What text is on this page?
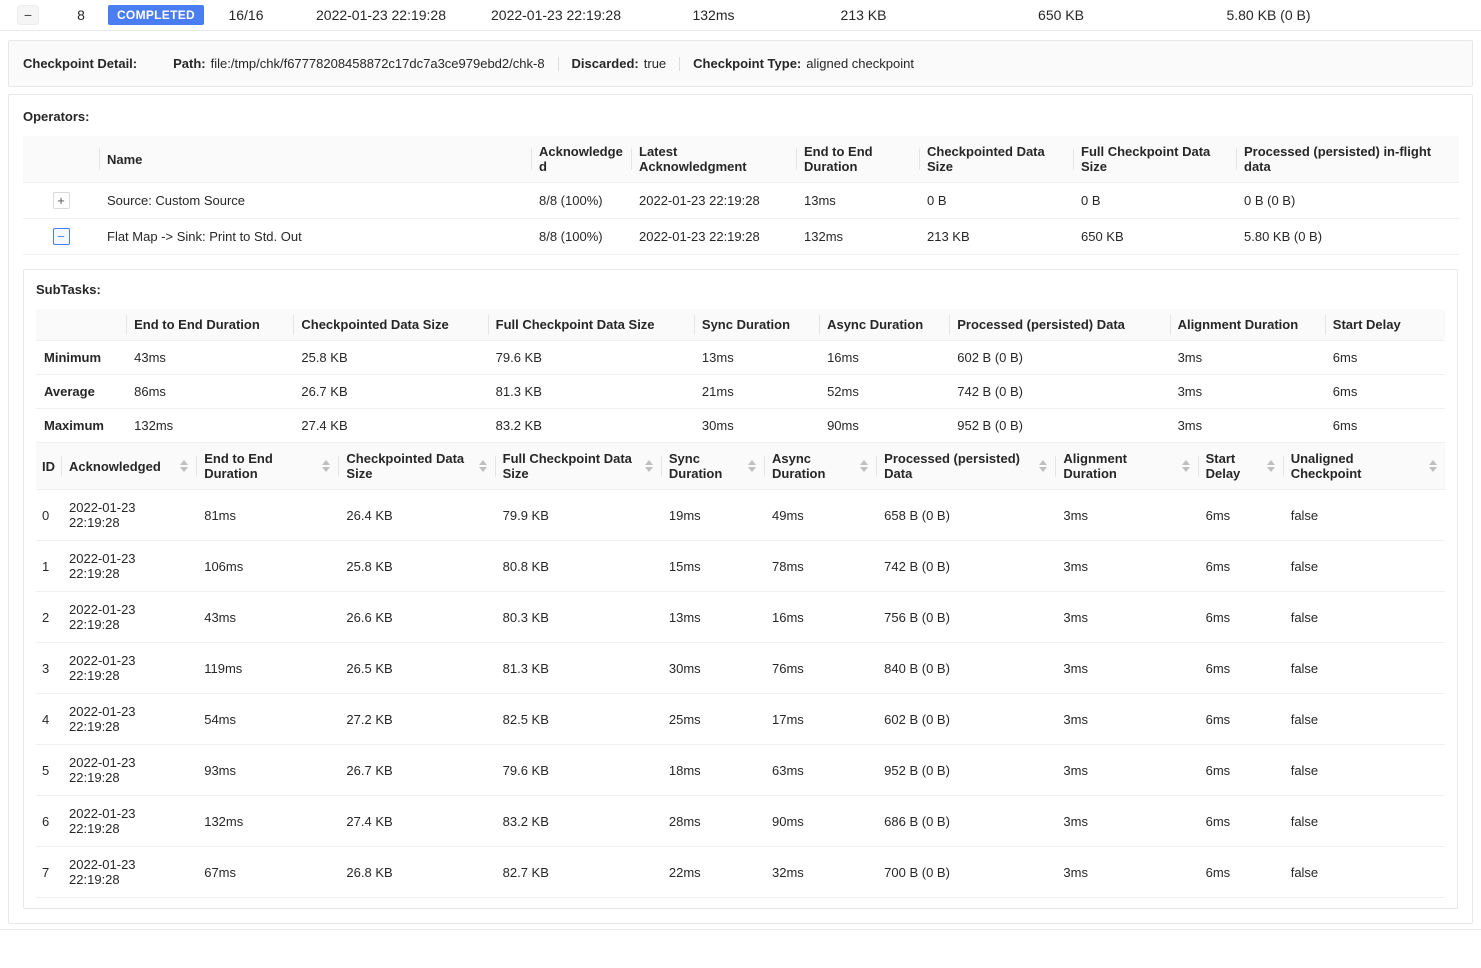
−	8	COMPLETED	16/16	2022-01-23 22:19:28	2022-01-23 22:19:28	132ms	213 KB	650 KB	5.80 KB (0 B)
Checkpoint Detail:	Path: file:/tmp/chk/f67778208458872c17dc7a3ce979ebd2/chk-8 Discarded: true Checkpoint Type: aligned checkpoint
Operators:
	Name	Acknowledged	Latest Acknowledgment	End to End Duration	Checkpointed Data Size	Full Checkpoint Data Size	Processed (persisted) in-flight data
+	Source: Custom Source	8/8 (100%)	2022-01-23 22:19:28	13ms	0 B	0 B	0 B (0 B)
−	Flat Map -> Sink: Print to Std. Out	8/8 (100%)	2022-01-23 22:19:28	132ms	213 KB	650 KB	5.80 KB (0 B)
SubTasks:
	End to End Duration	Checkpointed Data Size	Full Checkpoint Data Size	Sync Duration	Async Duration	Processed (persisted) Data	Alignment Duration	Start Delay
Minimum	43ms	25.8 KB	79.6 KB	13ms	16ms	602 B (0 B)	3ms	6ms
Average	86ms	26.7 KB	81.3 KB	21ms	52ms	742 B (0 B)	3ms	6ms
Maximum	132ms	27.4 KB	83.2 KB	30ms	90ms	952 B (0 B)	3ms	6ms
ID	Acknowledged	End to End Duration	Checkpointed Data Size	Full Checkpoint Data Size	Sync Duration	Async Duration	Processed (persisted) Data	Alignment Duration	Start Delay	Unaligned Checkpoint

0	2022-01-23 22:19:28	81ms	26.4 KB	79.9 KB	19ms	49ms	658 B (0 B)	3ms	6ms	false
1	2022-01-23 22:19:28	106ms	25.8 KB	80.8 KB	15ms	78ms	742 B (0 B)	3ms	6ms	false
2	2022-01-23 22:19:28	43ms	26.6 KB	80.3 KB	13ms	16ms	756 B (0 B)	3ms	6ms	false
3	2022-01-23 22:19:28	119ms	26.5 KB	81.3 KB	30ms	76ms	840 B (0 B)	3ms	6ms	false
4	2022-01-23 22:19:28	54ms	27.2 KB	82.5 KB	25ms	17ms	602 B (0 B)	3ms	6ms	false
5	2022-01-23 22:19:28	93ms	26.7 KB	79.6 KB	18ms	63ms	952 B (0 B)	3ms	6ms	false
6	2022-01-23 22:19:28	132ms	27.4 KB	83.2 KB	28ms	90ms	686 B (0 B)	3ms	6ms	false
7	2022-01-23 22:19:28	67ms	26.8 KB	82.7 KB	22ms	32ms	700 B (0 B)	3ms	6ms	false
